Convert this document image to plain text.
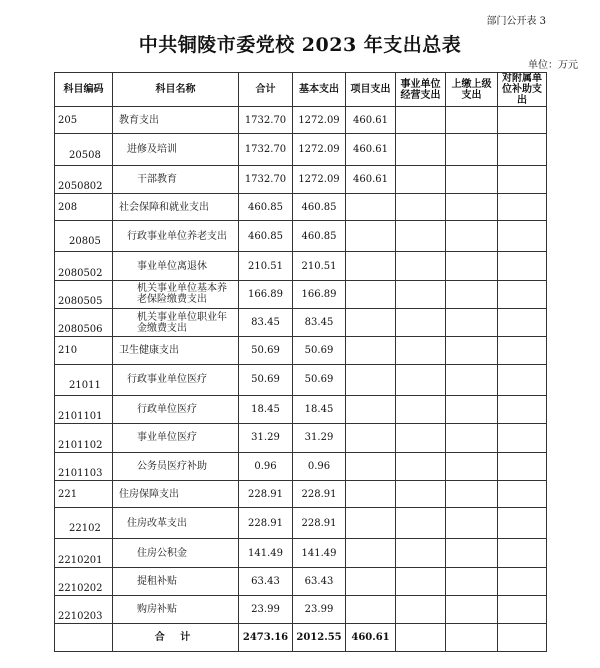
部门公开表 3
中共铜陵市委党校 2023 年支出总表
单位：万元
科目编码	科目名称	合计	基本支出	项目支出	事业单位经营支出	上缴上级支出	对附属单位补助支出
205	教育支出	1732.70	1272.09	460.61			
20508	进修及培训	1732.70	1272.09	460.61			
2050802	干部教育	1732.70	1272.09	460.61			
208	社会保障和就业支出	460.85	460.85				
20805	行政事业单位养老支出	460.85	460.85				
2080502	事业单位离退休	210.51	210.51				
2080505	机关事业单位基本养老保险缴费支出	166.89	166.89				
2080506	机关事业单位职业年金缴费支出	83.45	83.45				
210	卫生健康支出	50.69	50.69				
21011	行政事业单位医疗	50.69	50.69				
2101101	行政单位医疗	18.45	18.45				
2101102	事业单位医疗	31.29	31.29				
2101103	公务员医疗补助	0.96	0.96				
221	住房保障支出	228.91	228.91				
22102	住房改革支出	228.91	228.91				
2210201	住房公积金	141.49	141.49				
2210202	提租补贴	63.43	63.43				
2210203	购房补贴	23.99	23.99				
	合 计	2473.16	2012.55	460.61			
